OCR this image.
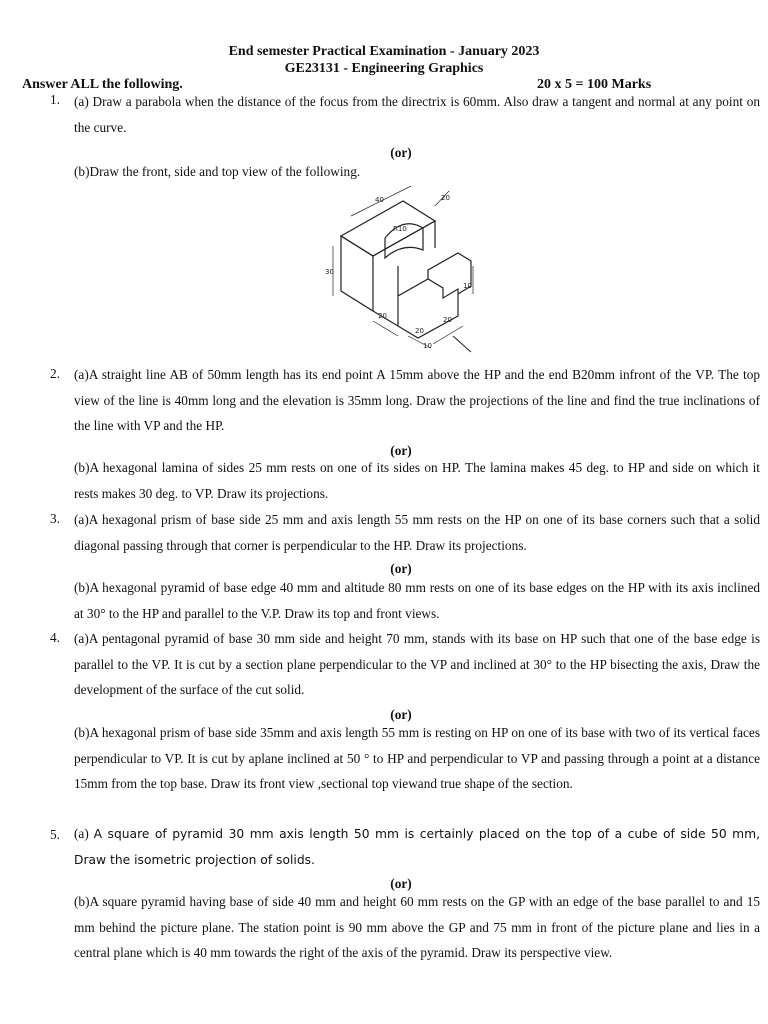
End semester Practical Examination - January 2023
GE23131 - Engineering Graphics
Answer ALL the following.	20 x 5 = 100 Marks
1. (a) Draw a parabola when the distance of the focus from the directrix is 60mm. Also draw a tangent and normal at any point on the curve.
(or)
(b)Draw the front, side and top view of the following.
40	20
R10
30
10
20
20
20
10
2. (a)A straight line AB of 50mm length has its end point A 15mm above the HP and the end B20mm infront of the VP. The top view of the line is 40mm long and the elevation is 35mm long. Draw the projections of the line and find the true inclinations of the line with VP and the HP.
(or)
(b)A hexagonal lamina of sides 25 mm rests on one of its sides on HP. The lamina makes 45 deg. to HP and side on which it rests makes 30 deg. to VP. Draw its projections.
3. (a)A hexagonal prism of base side 25 mm and axis length 55 mm rests on the HP on one of its base corners such that a solid diagonal passing through that corner is perpendicular to the HP. Draw its projections.
(or)
(b)A hexagonal pyramid of base edge 40 mm and altitude 80 mm rests on one of its base edges on the HP with its axis inclined at 30° to the HP and parallel to the V.P. Draw its top and front views.
4. (a)A pentagonal pyramid of base 30 mm side and height 70 mm, stands with its base on HP such that one of the base edge is parallel to the VP. It is cut by a section plane perpendicular to the VP and inclined at 30° to the HP bisecting the axis, Draw the development of the surface of the cut solid.
(or)
(b)A hexagonal prism of base side 35mm and axis length 55 mm is resting on HP on one of its base with two of its vertical faces perpendicular to VP. It is cut by aplane inclined at 50 ° to HP and perpendicular to VP and passing through a point at a distance 15mm from the top base. Draw its front view ,sectional top viewand true shape of the section.
5. (a) A square of pyramid 30 mm axis length 50 mm is certainly placed on the top of a cube of side 50 mm, Draw the isometric projection of solids.
(or)
(b)A square pyramid having base of side 40 mm and height 60 mm rests on the GP with an edge of the base parallel to and 15 mm behind the picture plane. The station point is 90 mm above the GP and 75 mm in front of the picture plane and lies in a central plane which is 40 mm towards the right of the axis of the pyramid. Draw its perspective view.
